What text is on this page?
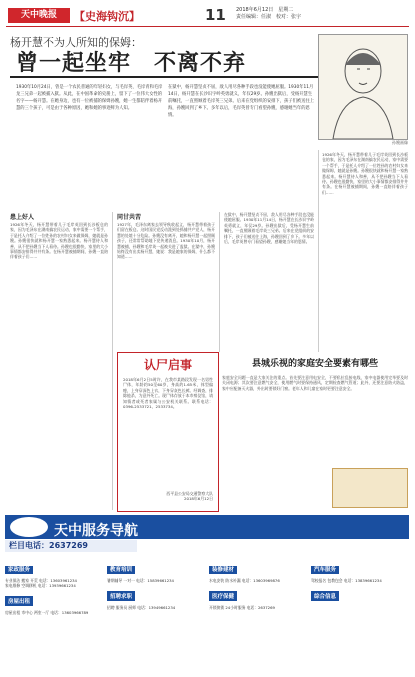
天中晚报	【史海钩沉】	11 2018年6月12日　星期二
责任编辑：任淑　校对：张宇
杨开慧不为人所知的保姆：
曾一起坐牢　不离不弃
1930年10月24日，曾是一个农民普通的年轻妇女，与毛岸英、毛岸青和毛岸龙三兄弟一起被捕入狱。从此，在中国革命的史册上，留下了一位伟大女性的名字——杨开慧。在她身边，也有一位被捕的保姆孙嫂，她一生都陪伴着杨开慧的三个孩子，可是由于各种原因，她和她的事迹鲜为人知。
在狱中，杨开慧坚贞不屈，敌人用尽各种手段也没能使她屈服。1930年11月14日，杨开慧在长沙识字岭英勇就义，年仅29岁。孙嫂出狱后，受杨开慧生前嘱托，一直照顾着毛岸英三兄弟。后来在党组织的安排下，孩子们被送往上海，孙嫂回到了乡下。多年以后，毛岸英曾专门看望孙嫂，感谢她当年的恩情。
孙嫂画像
患上好人
1926年冬天，杨开慧带着儿子毛岸英回到长沙板仓的家，因为毛泽东在湖南搞农民运动，家中需要一个帮手，于是托人介绍了一位姓孙的农村妇女来做保姆，她就是孙嫂。孙嫂很快就和杨开慧一家熟悉起来。杨开慧待人和善，从不把孙嫂当下人看待。孙嫂也很勤快，家里的大小事情都安排得井井有条。在杨开慧被捕期间，孙嫂一直陪伴着孩子们……
同甘共苦
1927年，毛泽东离家去领导秋收起义，杨开慧带着孩子们留在板仓。这时国民党反动派到处抓捕共产党人，杨开慧的处境十分危险。孙嫂没有离开，她和杨开慧一起照顾孩子，还常常帮助地下党传递消息。1930年10月，杨开慧被捕，孙嫂和毛岸英一起被关进了监狱。在狱中，孙嫂始终没有出卖杨开慧，她说：我是她家的保姆，什么都不知道……
在狱中，杨开慧坚贞不屈，敌人用尽各种手段也没能使她屈服。1930年11月14日，杨开慧在长沙识字岭英勇就义，年仅29岁。孙嫂出狱后，受杨开慧生前嘱托，一直照顾着毛岸英三兄弟。后来在党组织的安排下，孩子们被送往上海，孙嫂回到了乡下。多年以后，毛岸英曾专门看望孙嫂，感谢她当年的恩情。
1926年冬天，杨开慧带着儿子毛岸英回到长沙板仓的家，因为毛泽东在湖南搞农民运动，家中需要一个帮手，于是托人介绍了一位姓孙的农村妇女来做保姆，她就是孙嫂。孙嫂很快就和杨开慧一家熟悉起来。杨开慧待人和善，从不把孙嫂当下人看待。孙嫂也很勤快，家里的大小事情都安排得井井有条。在杨开慧被捕期间，孙嫂一直陪伴着孩子们……
认尸启事
2018年6月2日5时许，在我市某路段发现一名男性尸体，年龄约50至60岁，身高约1.65米，体型偏瘦，上身穿深色上衣，下身穿灰色长裤。经调查，排除他杀，为意外死亡。现尸体存放于本市殡仪馆，请知情者或死者家属与公安机关联系。联系电话：0396-2533721、2533734。
西平县公安局交通警察大队
2018年6月12日
县城乐视的家庭安全要素有哪些
家庭安全问题一直是大家关注的重点。首先要注意用电安全，不要私拉乱接电线，家中电器使用完毕要及时关闭电源；其次要注意燃气安全，使用燃气时要保持通风，定期检查燃气管道；此外，还要注意防火防盗，家中应配备灭火器，外出时要锁好门窗。老年人和儿童在家时更要注意安全。
天中服务导航
栏目电话：2637269
家政服务
专业保洁 搬家 开荒 电话：13603961234
家电维修 空调移机 电话：13939661234
房屋出租
房屋出租 市中心 两室一厅 电话：13603966789
教育培训
暑期辅导 一对一 电话：15839661234
招聘求职
招聘 服务员 厨师 电话：13949661234
装修建材
水电安装 防水补漏 电话：13603969876
医疗保健
开锁换锁 24小时服务 电话：2637269
汽车服务
驾校报名 包教包会 电话：13839661234
综合信息
